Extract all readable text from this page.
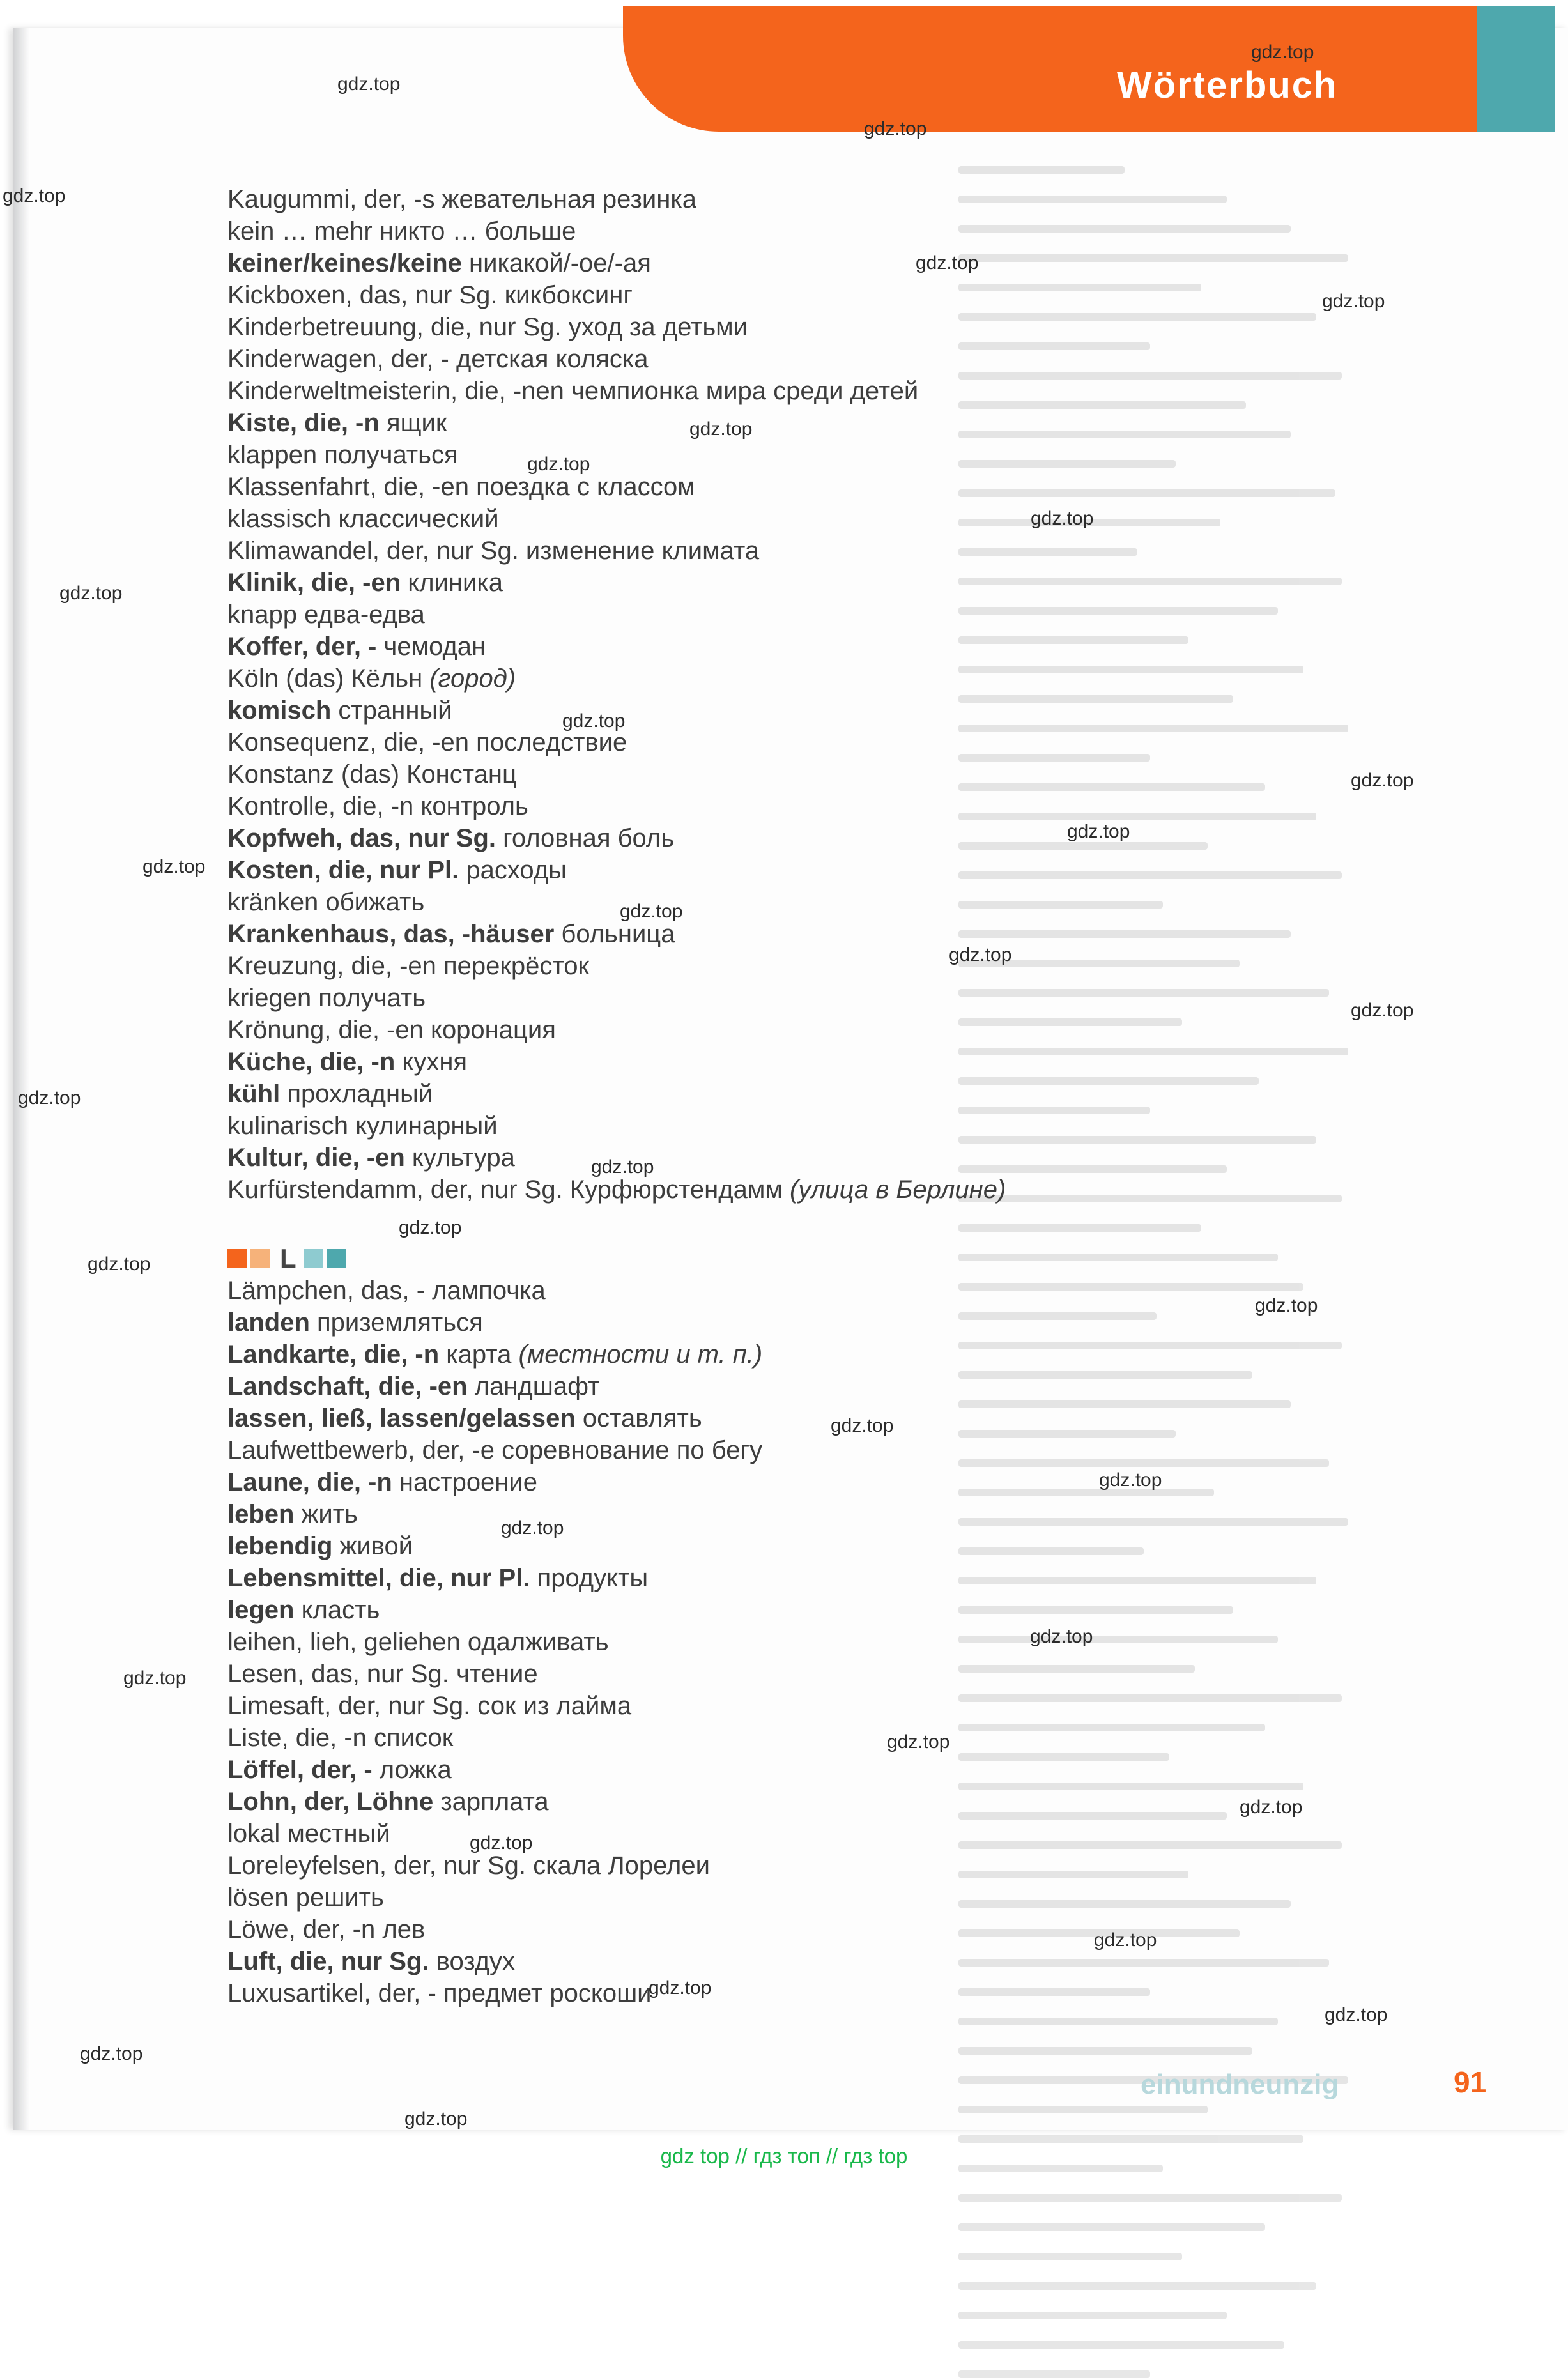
Wörterbuch
Kaugummi, der, -s жевательная резинка
kein … mehr никто … больше
keiner/keines/keine никакой/-ое/-ая
Kickboxen, das, nur Sg. кикбоксинг
Kinderbetreuung, die, nur Sg. уход за детьми
Kinderwagen, der, - детская коляска
Kinderweltmeisterin, die, -nen чемпионка мира среди детей
Kiste, die, -n ящик
klappen получаться
Klassenfahrt, die, -en поездка с классом
klassisch классический
Klimawandel, der, nur Sg. изменение климата
Klinik, die, -en клиника
knapp едва-едва
Koffer, der, - чемодан
Köln (das) Кёльн (город)
komisch странный
Konsequenz, die, -en последствие
Konstanz (das) Констанц
Kontrolle, die, -n контроль
Kopfweh, das, nur Sg. головная боль
Kosten, die, nur Pl. расходы
kränken обижать
Krankenhaus, das, -häuser больница
Kreuzung, die, -en перекрёсток
kriegen получать
Krönung, die, -en коронация
Küche, die, -n кухня
kühl прохладный
kulinarisch кулинарный
Kultur, die, -en культура
Kurfürstendamm, der, nur Sg. Курфюрстендамм (улица в Берлине)
L
Lämpchen, das, - лампочка
landen приземляться
Landkarte, die, -n карта (местности и т. п.)
Landschaft, die, -en ландшафт
lassen, ließ, lassen/gelassen оставлять
Laufwettbewerb, der, -e соревнование по бегу
Laune, die, -n настроение
leben жить
lebendig живой
Lebensmittel, die, nur Pl. продукты
legen класть
leihen, lieh, geliehen одалживать
Lesen, das, nur Sg. чтение
Limesaft, der, nur Sg. сок из лайма
Liste, die, -n список
Löffel, der, - ложка
Lohn, der, Löhne зарплата
lokal местный
Loreleyfelsen, der, nur Sg. скала Лорелеи
lösen решить
Löwe, der, -n лев
Luft, die, nur Sg. воздух
Luxusartikel, der, - предмет роскоши
gdz.top
gdz.top
gdz.top
gdz.top
gdz.top
gdz.top
gdz.top
gdz.top
gdz.top
gdz.top
gdz.top
gdz.top
gdz.top
gdz.top
gdz.top
gdz.top
gdz.top
gdz.top
gdz.top
gdz.top
gdz.top
gdz.top
gdz.top
gdz.top
gdz.top
gdz.top
gdz.top
gdz.top
gdz.top
gdz.top
gdz.top
gdz.top
gdz.top
gdz.top
gdz.top
einundneunzig	91
gdz top // гдз топ // гдз top
